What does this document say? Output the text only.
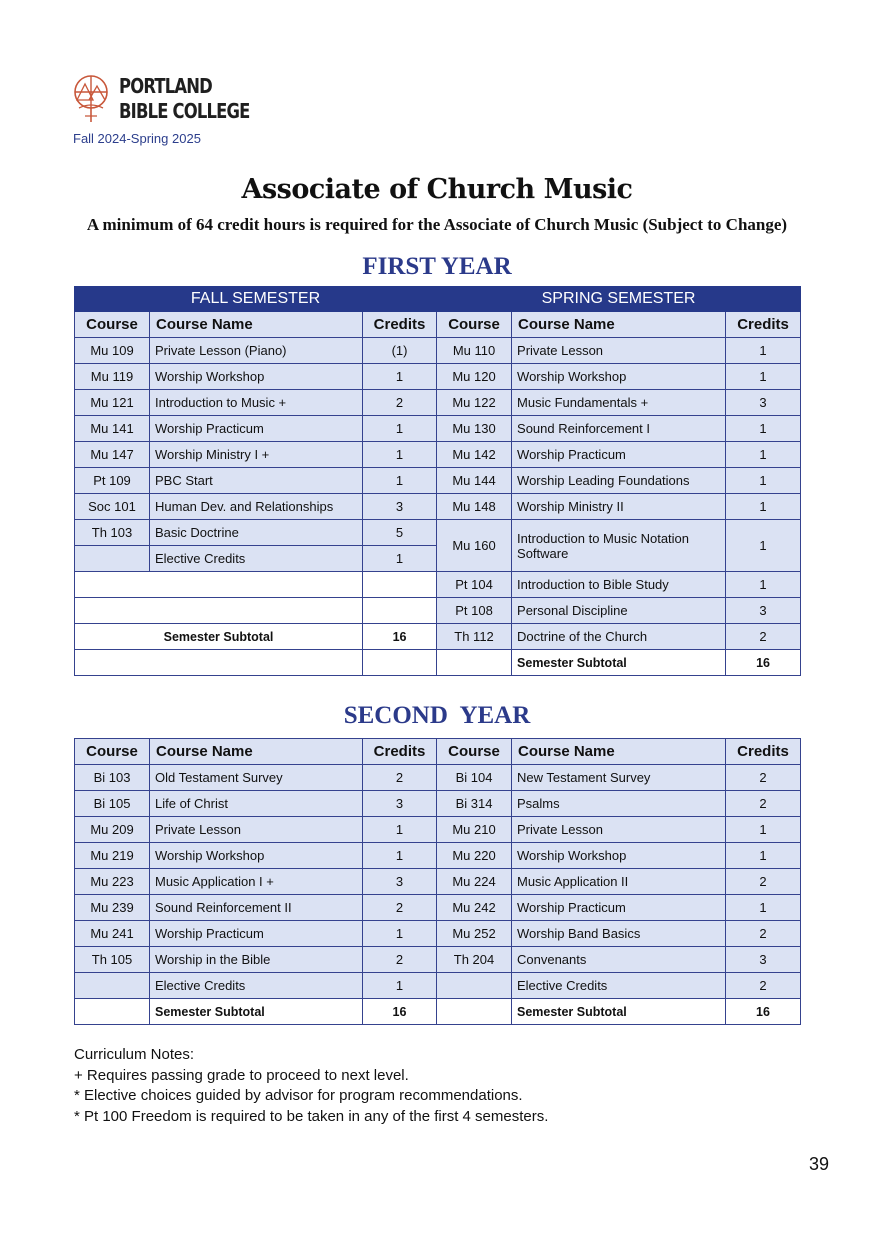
PORTLAND
BIBLE COLLEGE
Fall 2024-Spring 2025
Associate of Church Music
A minimum of 64 credit hours is required for the Associate of Church Music (Subject to Change)
FIRST YEAR
FALL SEMESTER			SPRING SEMESTER		
Course	Course Name	Credits	Course	Course Name	Credits
Mu 109	Private Lesson (Piano)	(1)	Mu 110	Private Lesson	1
Mu 119	Worship Workshop	1	Mu 120	Worship Workshop	1
Mu 121	Introduction to Music +	2	Mu 122	Music Fundamentals +	3
Mu 141	Worship Practicum	1	Mu 130	Sound Reinforcement I	1
Mu 147	Worship Ministry I +	1	Mu 142	Worship Practicum	1
Pt 109	PBC Start	1	Mu 144	Worship Leading Foundations	1
Soc 101	Human Dev. and Relationships	3	Mu 148	Worship Ministry II	1
Th 103	Basic Doctrine	5	Mu 160	Introduction to Music Notation Software	1
	Elective Credits	1			
			Pt 104	Introduction to Bible Study	1
			Pt 108	Personal Discipline	3
Semester Subtotal		16	Th 112	Doctrine of the Church	2
				Semester Subtotal	16
SECOND  YEAR
Course	Course Name	Credits	Course	Course Name	Credits
Bi 103	Old Testament Survey	2	Bi 104	New Testament Survey	2
Bi 105	Life of Christ	3	Bi 314	Psalms	2
Mu 209	Private Lesson	1	Mu 210	Private Lesson	1
Mu 219	Worship Workshop	1	Mu 220	Worship Workshop	1
Mu 223	Music Application I +	3	Mu 224	Music Application II	2
Mu 239	Sound Reinforcement II	2	Mu 242	Worship Practicum	1
Mu 241	Worship Practicum	1	Mu 252	Worship Band Basics	2
Th 105	Worship in the Bible	2	Th 204	Convenants	3
	Elective Credits	1		Elective Credits	2
	Semester Subtotal	16		Semester Subtotal	16
Curriculum Notes:
+ Requires passing grade to proceed to next level.
* Elective choices guided by advisor for program recommendations.
* Pt 100 Freedom is required to be taken in any of the first 4 semesters.
39
